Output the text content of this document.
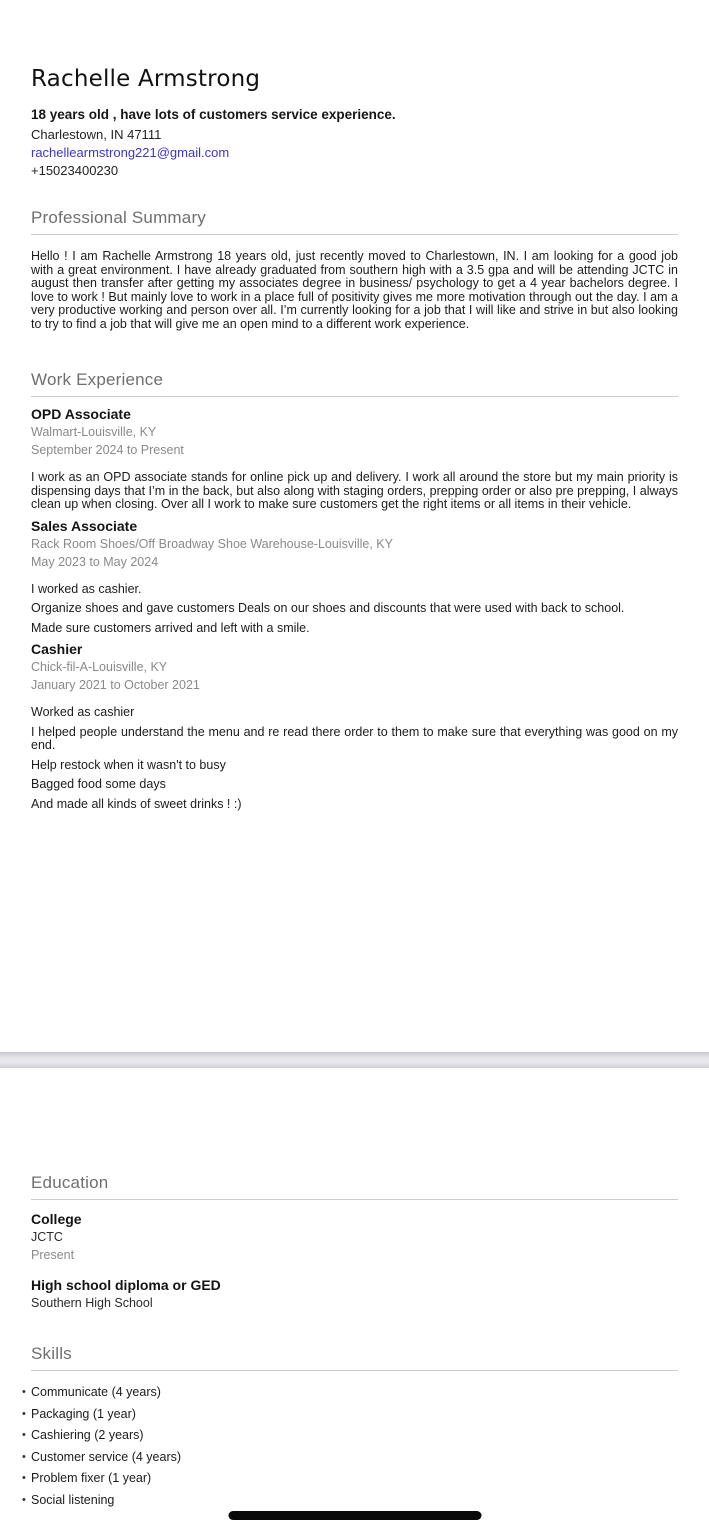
Rachelle Armstrong

18 years old , have lots of customers service experience.

Charlestown, IN 47111
rachellearmstrong221@gmail.com
+15023400230
Professional Summary

Hello ! I am Rachelle Armstrong 18 years old, just recently moved to Charlestown, IN. I am looking for a good job with a great environment. I have already graduated from southern high with a 3.5 gpa and will be attending JCTC in august then transfer after getting my associates degree in business/ psychology to get a 4 year bachelors degree. I love to work ! But mainly love to work in a place full of positivity gives me more motivation through out the day. I am a very productive working and person over all. I’m currently looking for a job that I will like and strive in but also looking to try to find a job that will give me an open mind to a different work experience.

Work Experience
OPD Associate
Walmart-Louisville, KY
September 2024 to Present

I work as an OPD associate stands for online pick up and delivery. I work all around the store but my main priority is dispensing days that I’m in the back, but also along with staging orders, prepping order or also pre prepping, I always clean up when closing. Over all I work to make sure customers get the right items or all items in their vehicle.

Sales Associate
Rack Room Shoes/Off Broadway Shoe Warehouse-Louisville, KY
May 2023 to May 2024

I worked as cashier.

Organize shoes and gave customers Deals on our shoes and discounts that were used with back to school.

Made sure customers arrived and left with a smile.

Cashier
Chick-fil-A-Louisville, KY
January 2021 to October 2021

Worked as cashier

I helped people understand the menu and re read there order to them to make sure that everything was good on my end.

Help restock when it wasn't to busy

Bagged food some days

And made all kinds of sweet drinks ! :)

Education
College
JCTC
Present
High school diploma or GED
Southern High School
Skills
• Communicate (4 years)
• Packaging (1 year)
• Cashiering (2 years)
• Customer service (4 years)
• Problem fixer (1 year)
• Social listening
